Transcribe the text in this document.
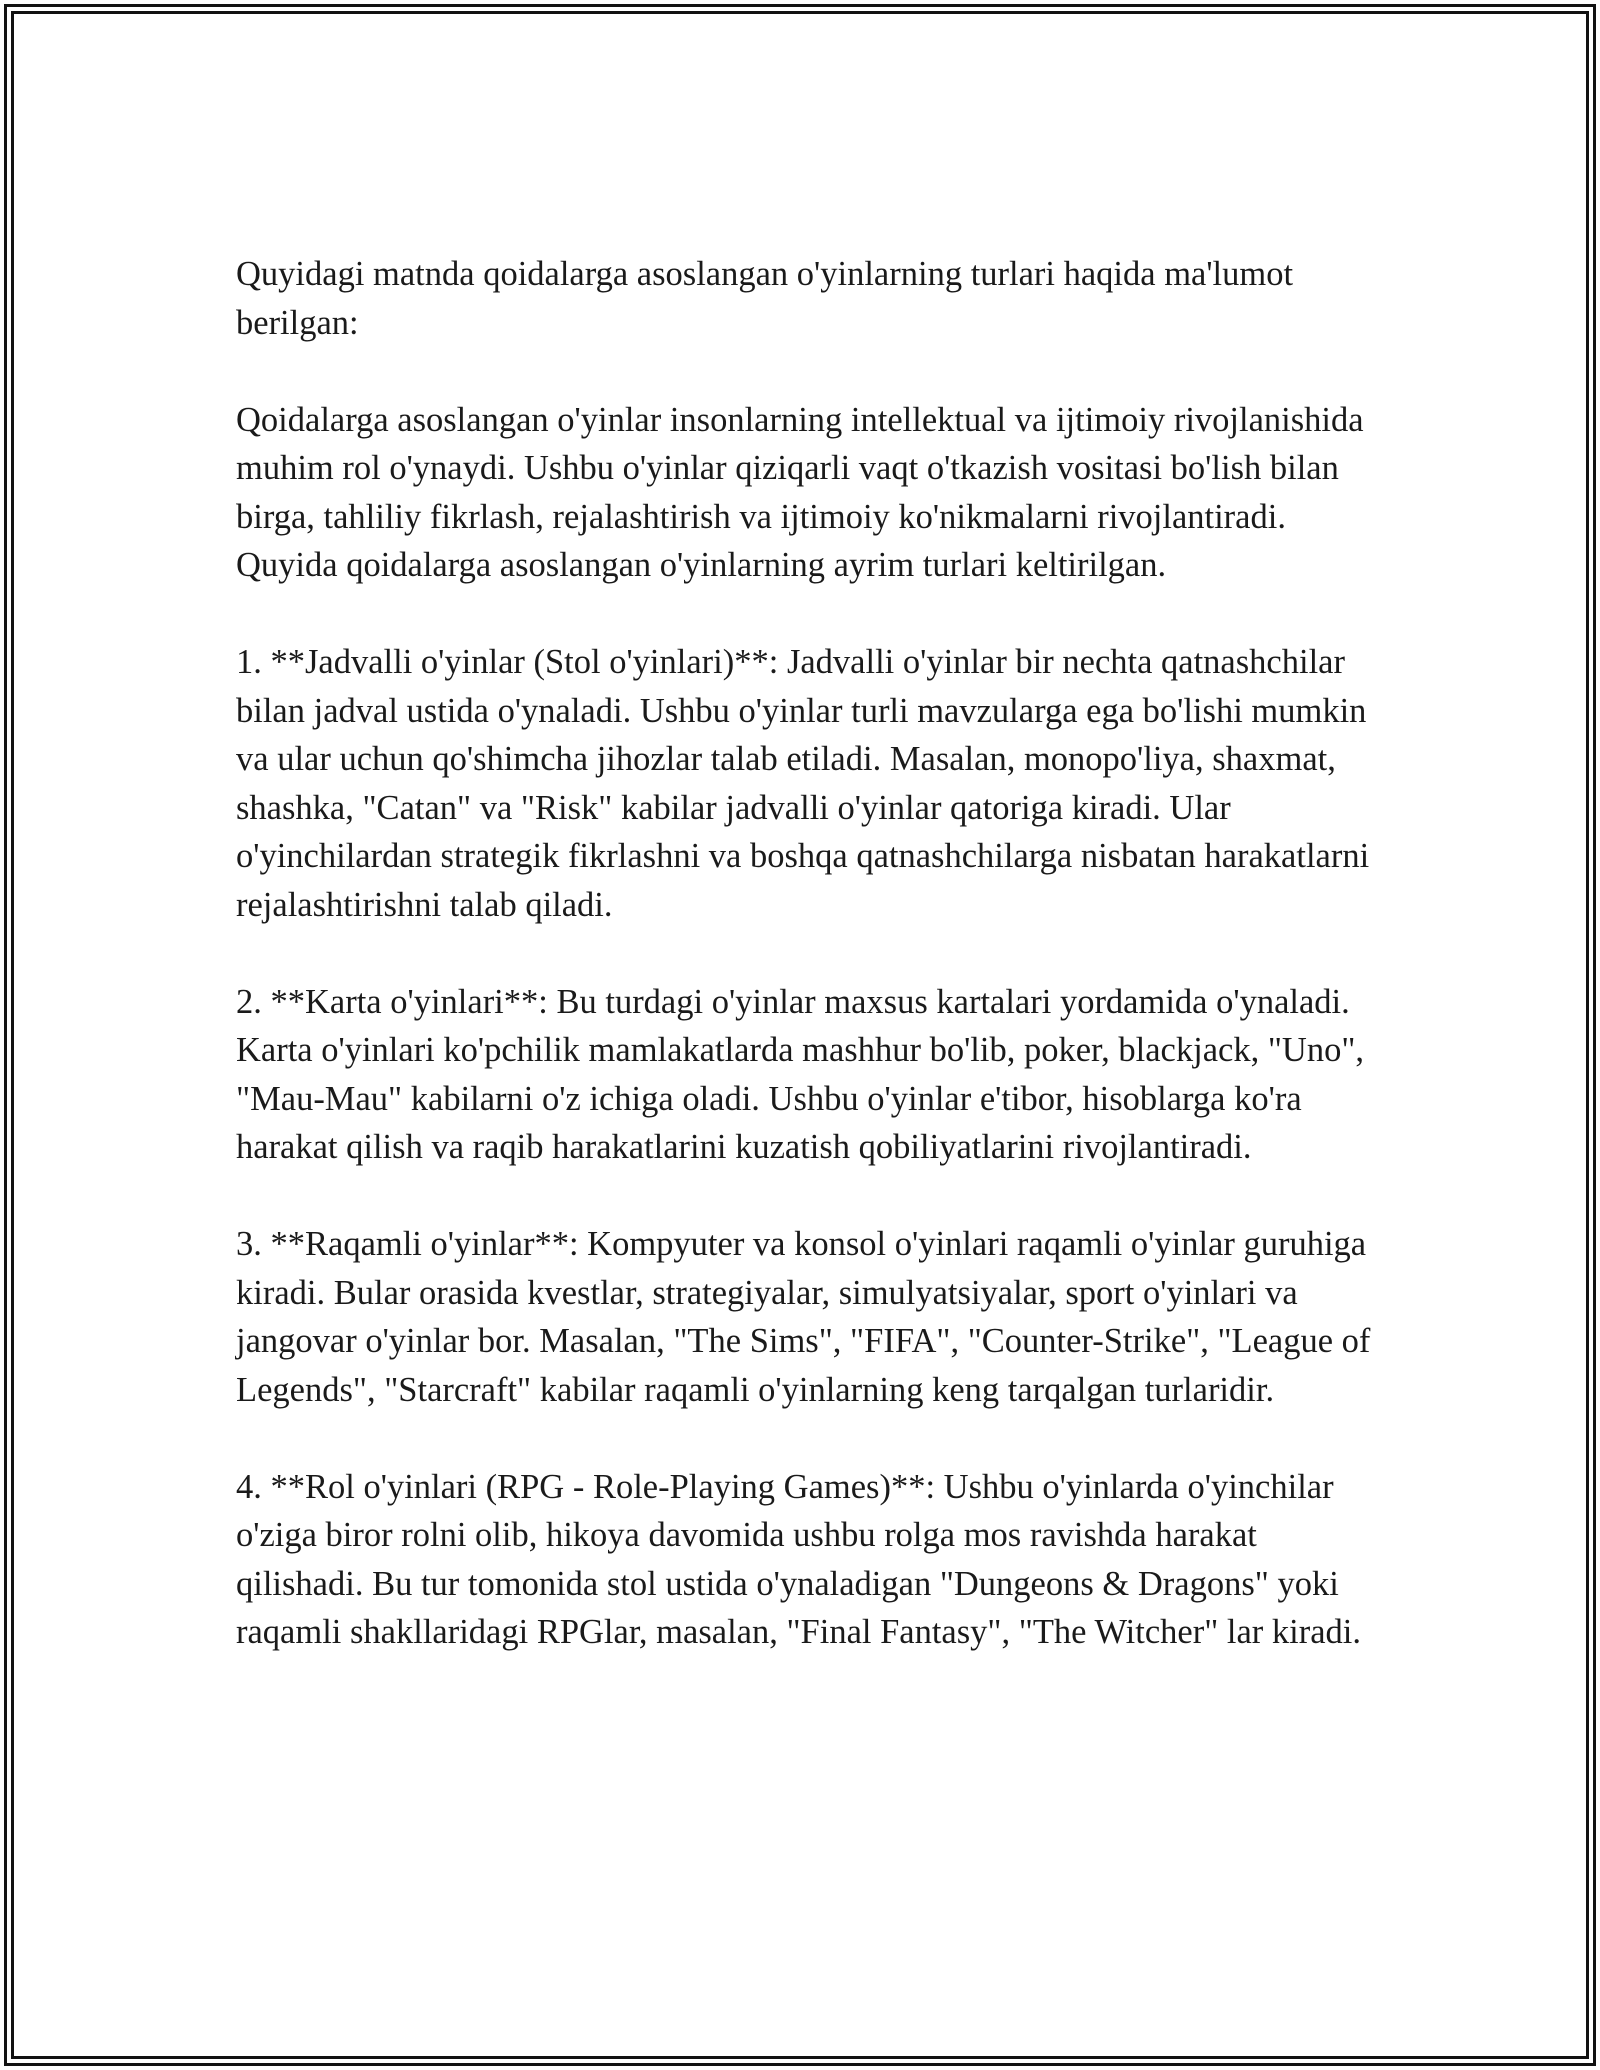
Quyidagi matnda qoidalarga asoslangan o'yinlarning turlari haqida ma'lumot berilgan:

Qoidalarga asoslangan o'yinlar insonlarning intellektual va ijtimoiy rivojlanishida muhim rol o'ynaydi. Ushbu o'yinlar qiziqarli vaqt o'tkazish vositasi bo'lish bilan birga, tahliliy fikrlash, rejalashtirish va ijtimoiy ko'nikmalarni rivojlantiradi. Quyida qoidalarga asoslangan o'yinlarning ayrim turlari keltirilgan.

1. **Jadvalli o'yinlar (Stol o'yinlari)**: Jadvalli o'yinlar bir nechta qatnashchilar bilan jadval ustida o'ynaladi. Ushbu o'yinlar turli mavzularga ega bo'lishi mumkin va ular uchun qo'shimcha jihozlar talab etiladi. Masalan, monopo'liya, shaxmat, shashka, "Catan" va "Risk" kabilar jadvalli o'yinlar qatoriga kiradi. Ular o'yinchilardan strategik fikrlashni va boshqa qatnashchilarga nisbatan harakatlarni rejalashtirishni talab qiladi.

2. **Karta o'yinlari**: Bu turdagi o'yinlar maxsus kartalari yordamida o'ynaladi. Karta o'yinlari ko'pchilik mamlakatlarda mashhur bo'lib, poker, blackjack, "Uno", "Mau-Mau" kabilarni o'z ichiga oladi. Ushbu o'yinlar e'tibor, hisoblarga ko'ra harakat qilish va raqib harakatlarini kuzatish qobiliyatlarini rivojlantiradi.

3. **Raqamli o'yinlar**: Kompyuter va konsol o'yinlari raqamli o'yinlar guruhiga kiradi. Bular orasida kvestlar, strategiyalar, simulyatsiyalar, sport o'yinlari va jangovar o'yinlar bor. Masalan, "The Sims", "FIFA", "Counter-Strike", "League of Legends", "Starcraft" kabilar raqamli o'yinlarning keng tarqalgan turlaridir.

4. **Rol o'yinlari (RPG - Role-Playing Games)**: Ushbu o'yinlarda o'yinchilar o'ziga biror rolni olib, hikoya davomida ushbu rolga mos ravishda harakat qilishadi. Bu tur tomonida stol ustida o'ynaladigan "Dungeons & Dragons" yoki raqamli shakllaridagi RPGlar, masalan, "Final Fantasy", "The Witcher" lar kiradi.
